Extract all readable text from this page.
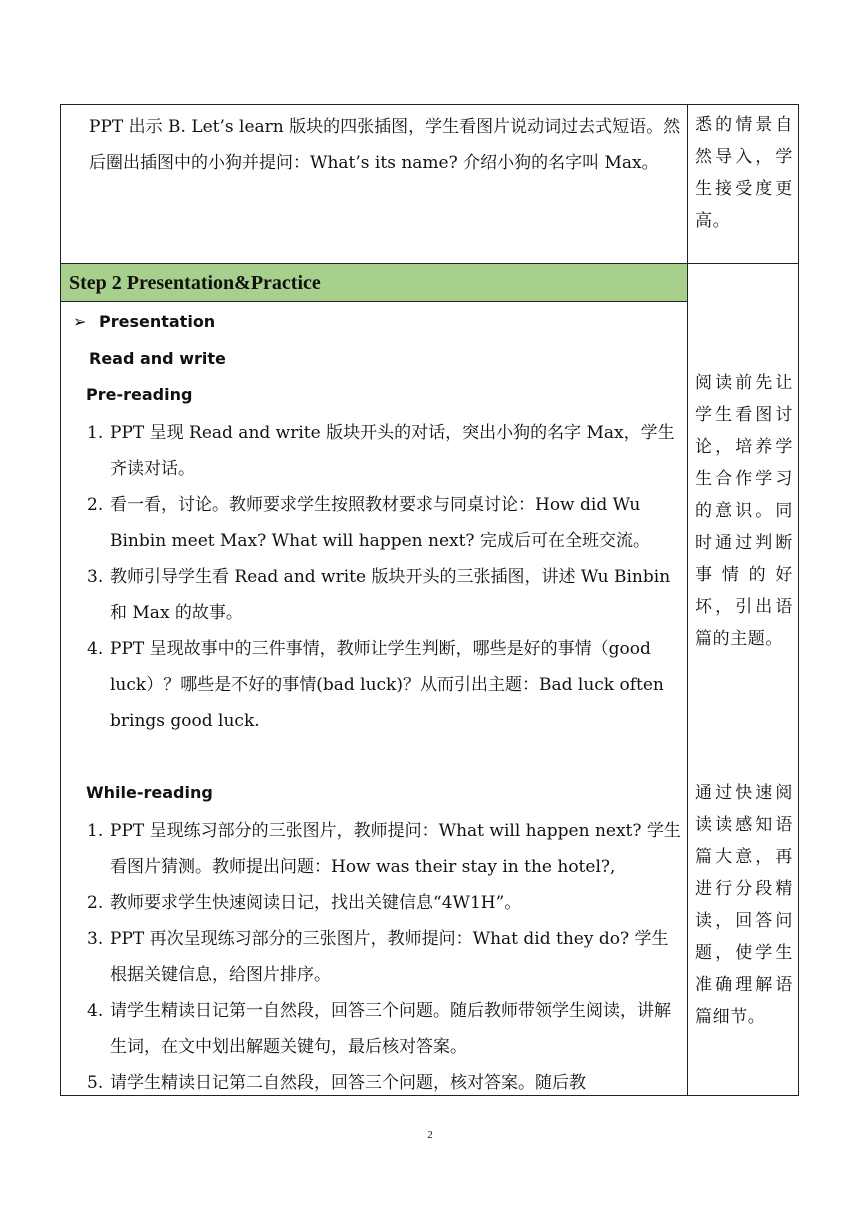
Step 2 Presentation&Practice
PPT 出示 B. Let’s learn 版块的四张插图，学生看图片说动词过去式短语。然后圈出插图中的小狗并提问：What’s its name? 介绍小狗的名字叫 Max。
➢ Presentation
Read and write
Pre-reading
1. PPT 呈现 Read and write 版块开头的对话，突出小狗的名字 Max，学生齐读对话。
2. 看一看，讨论。教师要求学生按照教材要求与同桌讨论：How did Wu Binbin meet Max? What will happen next? 完成后可在全班交流。
3. 教师引导学生看 Read and write 版块开头的三张插图，讲述 Wu Binbin 和 Max 的故事。
4. PPT 呈现故事中的三件事情，教师让学生判断，哪些是好的事情（good luck）？哪些是不好的事情(bad luck)？从而引出主题：Bad luck often brings good luck.
While-reading
1. PPT 呈现练习部分的三张图片，教师提问：What will happen next? 学生看图片猜测。教师提出问题：How was their stay in the hotel?,
2. 教师要求学生快速阅读日记，找出关键信息“4W1H”。
3. PPT 再次呈现练习部分的三张图片，教师提问：What did they do? 学生根据关键信息，给图片排序。
4. 请学生精读日记第一自然段，回答三个问题。随后教师带领学生阅读，讲解生词，在文中划出解题关键句，最后核对答案。
5. 请学生精读日记第二自然段，回答三个问题，核对答案。随后教
悉的情景自然导入，学生接受度更高。
阅读前先让学生看图讨论，培养学生合作学习的意识。同时通过判断事情的好坏，引出语篇的主题。
通过快速阅读读感知语篇大意，再进行分段精读，回答问题，使学生准确理解语篇细节。
2
